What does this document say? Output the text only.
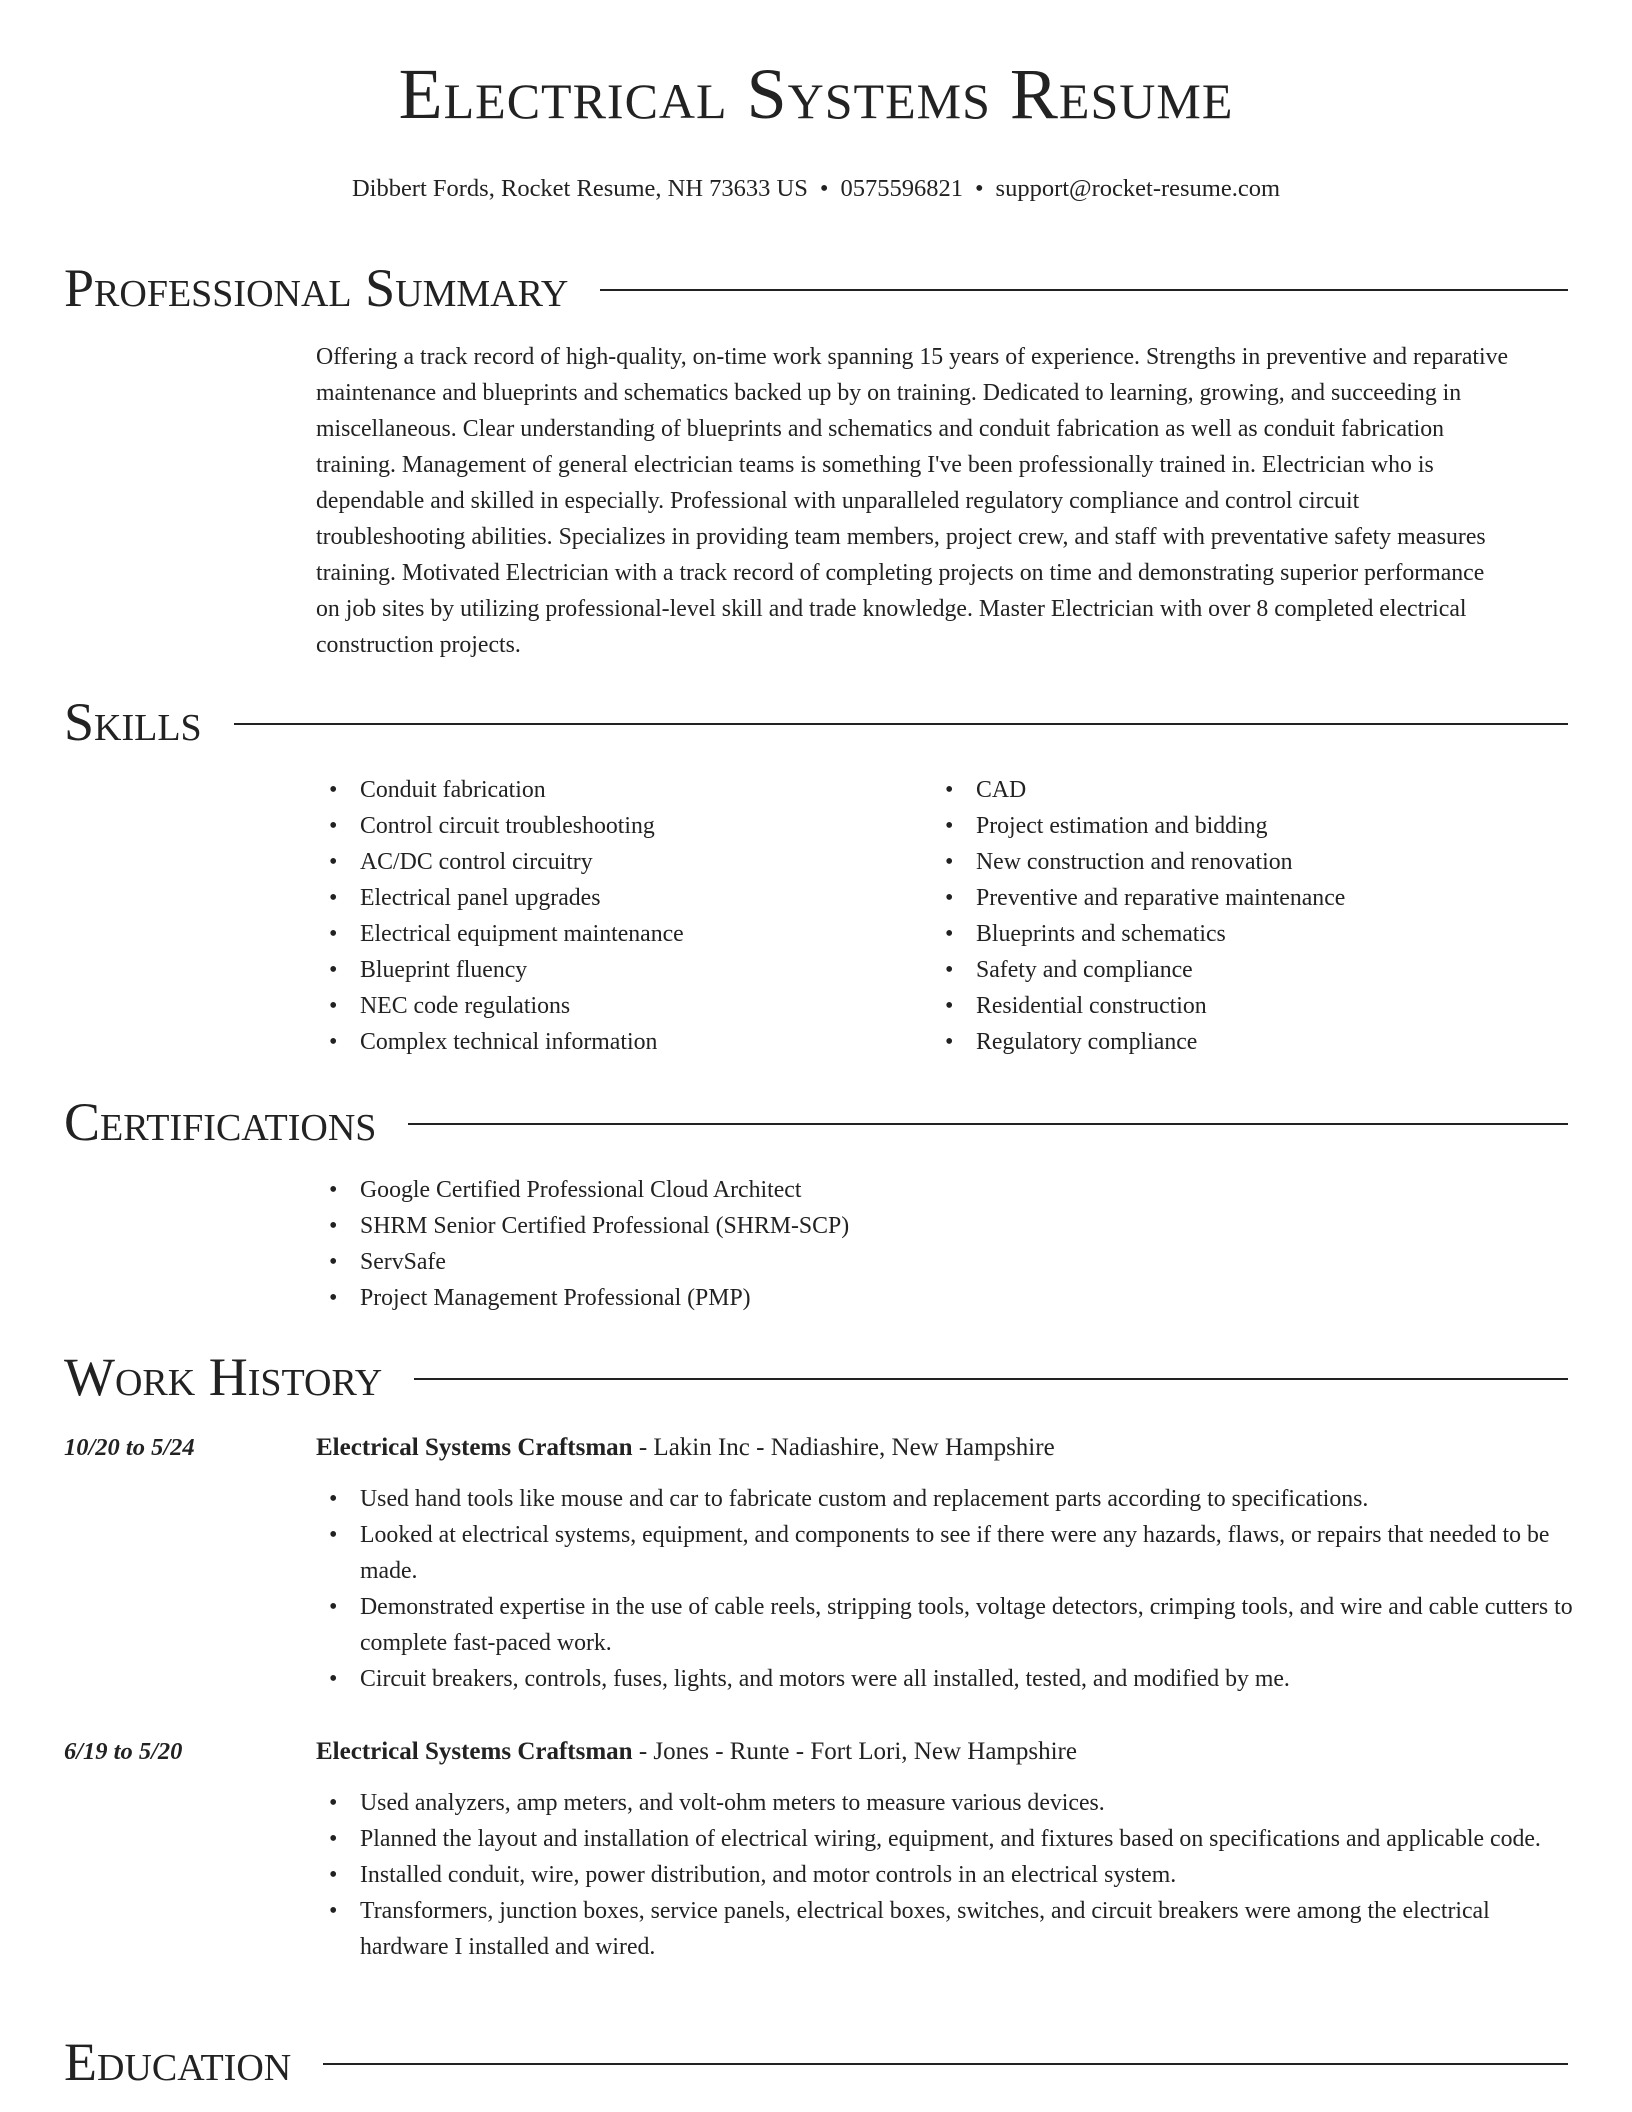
Electrical Systems Resume
Dibbert Fords, Rocket Resume, NH 73633 US • 0575596821 • support@rocket-resume.com
Professional Summary
Offering a track record of high-quality, on-time work spanning 15 years of experience. Strengths in preventive and reparative
maintenance and blueprints and schematics backed up by on training. Dedicated to learning, growing, and succeeding in
miscellaneous. Clear understanding of blueprints and schematics and conduit fabrication as well as conduit fabrication
training. Management of general electrician teams is something I've been professionally trained in. Electrician who is
dependable and skilled in especially. Professional with unparalleled regulatory compliance and control circuit
troubleshooting abilities. Specializes in providing team members, project crew, and staff with preventative safety measures
training. Motivated Electrician with a track record of completing projects on time and demonstrating superior performance
on job sites by utilizing professional-level skill and trade knowledge. Master Electrician with over 8 completed electrical
construction projects.
Skills
• Conduit fabrication
• Control circuit troubleshooting
• AC/DC control circuitry
• Electrical panel upgrades
• Electrical equipment maintenance
• Blueprint fluency
• NEC code regulations
• Complex technical information
• CAD
• Project estimation and bidding
• New construction and renovation
• Preventive and reparative maintenance
• Blueprints and schematics
• Safety and compliance
• Residential construction
• Regulatory compliance
Certifications
• Google Certified Professional Cloud Architect
• SHRM Senior Certified Professional (SHRM-SCP)
• ServSafe
• Project Management Professional (PMP)
Work History
10/20 to 5/24	Electrical Systems Craftsman - Lakin Inc - Nadiashire, New Hampshire
• Used hand tools like mouse and car to fabricate custom and replacement parts according to specifications.
• Looked at electrical systems, equipment, and components to see if there were any hazards, flaws, or repairs that needed to be made.
• Demonstrated expertise in the use of cable reels, stripping tools, voltage detectors, crimping tools, and wire and cable cutters to complete fast-paced work.
• Circuit breakers, controls, fuses, lights, and motors were all installed, tested, and modified by me.
6/19 to 5/20	Electrical Systems Craftsman - Jones - Runte - Fort Lori, New Hampshire
• Used analyzers, amp meters, and volt-ohm meters to measure various devices.
• Planned the layout and installation of electrical wiring, equipment, and fixtures based on specifications and applicable code.
• Installed conduit, wire, power distribution, and motor controls in an electrical system.
• Transformers, junction boxes, service panels, electrical boxes, switches, and circuit breakers were among the electrical hardware I installed and wired.
Education
